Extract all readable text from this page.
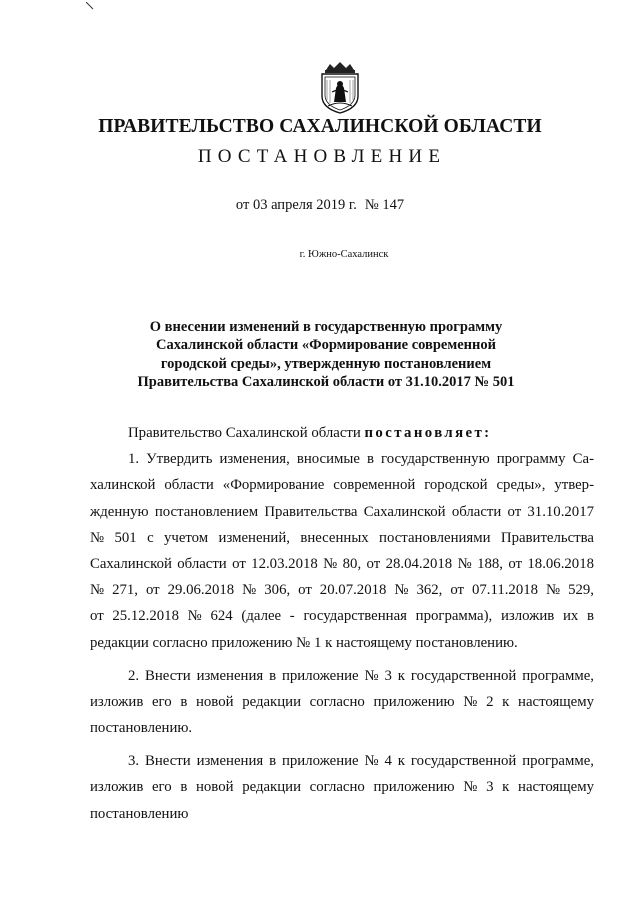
ПРАВИТЕЛЬСТВО САХАЛИНСКОЙ ОБЛАСТИ
ПОСТАНОВЛЕНИЕ
от 03 апреля 2019 г. № 147
г. Южно-Сахалинск
О внесении изменений в государственную программу
Сахалинской области «Формирование современной
городской среды», утвержденную постановлением
Правительства Сахалинской области от 31.10.2017 № 501
Правительство Сахалинской области постановляет:
1. Утвердить изменения, вносимые в государственную программу Са-
халинской области «Формирование современной городской среды», утвер-
жденную постановлением Правительства Сахалинской области от 31.10.2017
№ 501 с учетом изменений, внесенных постановлениями Правительства
Сахалинской области от 12.03.2018 № 80, от 28.04.2018 № 188, от 18.06.2018
№ 271, от 29.06.2018 № 306, от 20.07.2018 № 362, от 07.11.2018 № 529,
от 25.12.2018 № 624 (далее - государственная программа), изложив их в
редакции согласно приложению № 1 к настоящему постановлению.
2. Внести изменения в приложение № 3 к государственной программе,
изложив его в новой редакции согласно приложению № 2 к настоящему
постановлению.
3. Внести изменения в приложение № 4 к государственной программе,
изложив его в новой редакции согласно приложению № 3 к настоящему
постановлению
